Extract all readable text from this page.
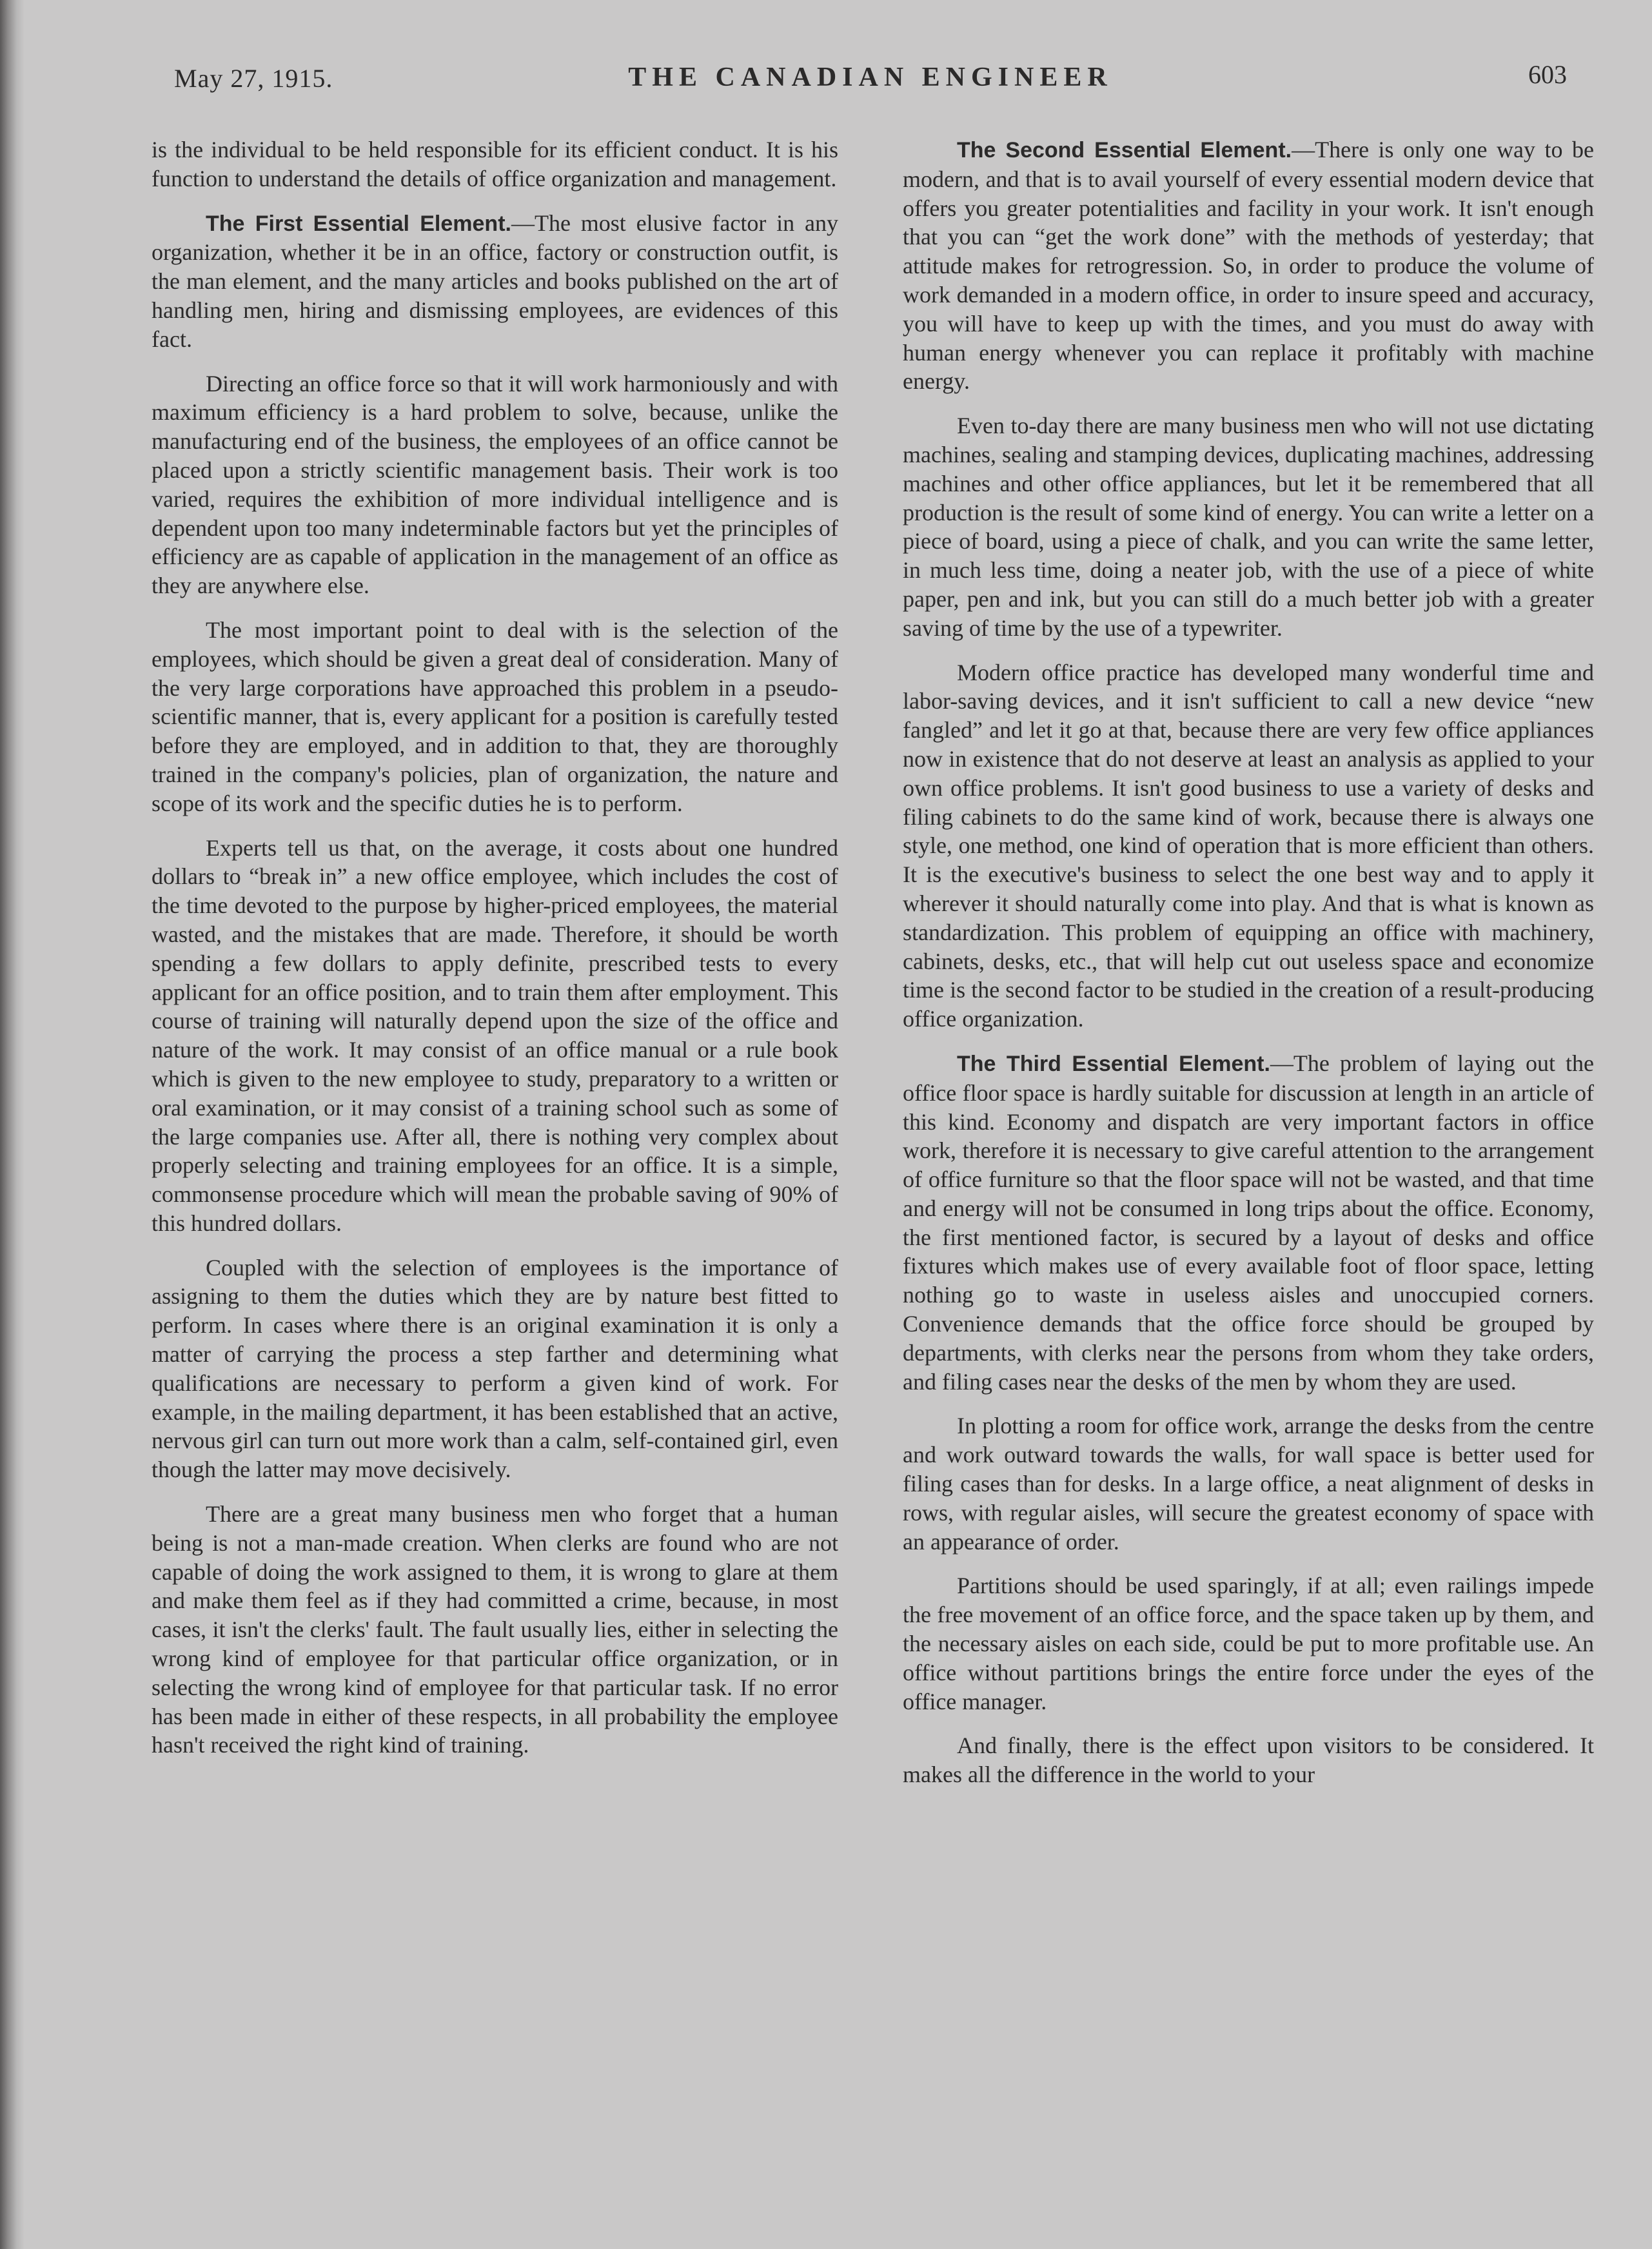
May 27, 1915.	THE CANADIAN ENGINEER	603

is the individual to be held responsible for its efficient conduct. It is his function to understand the details of office organization and management.

The First Essential Element.—The most elusive factor in any organization, whether it be in an office, factory or construction outfit, is the man element, and the many articles and books published on the art of handling men, hiring and dismissing employees, are evidences of this fact.

Directing an office force so that it will work harmoniously and with maximum efficiency is a hard problem to solve, because, unlike the manufacturing end of the business, the employees of an office cannot be placed upon a strictly scientific management basis. Their work is too varied, requires the exhibition of more individual intelligence and is dependent upon too many indeterminable factors but yet the principles of efficiency are as capable of application in the management of an office as they are anywhere else.

The most important point to deal with is the selection of the employees, which should be given a great deal of consideration. Many of the very large corporations have approached this problem in a pseudo-scientific manner, that is, every applicant for a position is carefully tested before they are employed, and in addition to that, they are thoroughly trained in the company's policies, plan of organization, the nature and scope of its work and the specific duties he is to perform.

Experts tell us that, on the average, it costs about one hundred dollars to “break in” a new office employee, which includes the cost of the time devoted to the purpose by higher-priced employees, the material wasted, and the mistakes that are made. Therefore, it should be worth spending a few dollars to apply definite, prescribed tests to every applicant for an office position, and to train them after employment. This course of training will naturally depend upon the size of the office and nature of the work. It may consist of an office manual or a rule book which is given to the new employee to study, preparatory to a written or oral examination, or it may consist of a training school such as some of the large companies use. After all, there is nothing very complex about properly selecting and training employees for an office. It is a simple, commonsense procedure which will mean the probable saving of 90% of this hundred dollars.

Coupled with the selection of employees is the importance of assigning to them the duties which they are by nature best fitted to perform. In cases where there is an original examination it is only a matter of carrying the process a step farther and determining what qualifications are necessary to perform a given kind of work. For example, in the mailing department, it has been established that an active, nervous girl can turn out more work than a calm, self-contained girl, even though the latter may move decisively.

There are a great many business men who forget that a human being is not a man-made creation. When clerks are found who are not capable of doing the work assigned to them, it is wrong to glare at them and make them feel as if they had committed a crime, because, in most cases, it isn't the clerks' fault. The fault usually lies, either in selecting the wrong kind of employee for that particular office organization, or in selecting the wrong kind of employee for that particular task. If no error has been made in either of these respects, in all probability the employee hasn't received the right kind of training.

The Second Essential Element.—There is only one way to be modern, and that is to avail yourself of every essential modern device that offers you greater potentialities and facility in your work. It isn't enough that you can “get the work done” with the methods of yesterday; that attitude makes for retrogression. So, in order to produce the volume of work demanded in a modern office, in order to insure speed and accuracy, you will have to keep up with the times, and you must do away with human energy whenever you can replace it profitably with machine energy.

Even to-day there are many business men who will not use dictating machines, sealing and stamping devices, duplicating machines, addressing machines and other office appliances, but let it be remembered that all production is the result of some kind of energy. You can write a letter on a piece of board, using a piece of chalk, and you can write the same letter, in much less time, doing a neater job, with the use of a piece of white paper, pen and ink, but you can still do a much better job with a greater saving of time by the use of a typewriter.

Modern office practice has developed many wonderful time and labor-saving devices, and it isn't sufficient to call a new device “new fangled” and let it go at that, because there are very few office appliances now in existence that do not deserve at least an analysis as applied to your own office problems. It isn't good business to use a variety of desks and filing cabinets to do the same kind of work, because there is always one style, one method, one kind of operation that is more efficient than others. It is the executive's business to select the one best way and to apply it wherever it should naturally come into play. And that is what is known as standardization. This problem of equipping an office with machinery, cabinets, desks, etc., that will help cut out useless space and economize time is the second factor to be studied in the creation of a result-producing office organization.

The Third Essential Element.—The problem of laying out the office floor space is hardly suitable for discussion at length in an article of this kind. Economy and dispatch are very important factors in office work, therefore it is necessary to give careful attention to the arrangement of office furniture so that the floor space will not be wasted, and that time and energy will not be consumed in long trips about the office. Economy, the first mentioned factor, is secured by a layout of desks and office fixtures which makes use of every available foot of floor space, letting nothing go to waste in useless aisles and unoccupied corners. Convenience demands that the office force should be grouped by departments, with clerks near the persons from whom they take orders, and filing cases near the desks of the men by whom they are used.

In plotting a room for office work, arrange the desks from the centre and work outward towards the walls, for wall space is better used for filing cases than for desks. In a large office, a neat alignment of desks in rows, with regular aisles, will secure the greatest economy of space with an appearance of order.

Partitions should be used sparingly, if at all; even railings impede the free movement of an office force, and the space taken up by them, and the necessary aisles on each side, could be put to more profitable use. An office without partitions brings the entire force under the eyes of the office manager.

And finally, there is the effect upon visitors to be considered. It makes all the difference in the world to your
